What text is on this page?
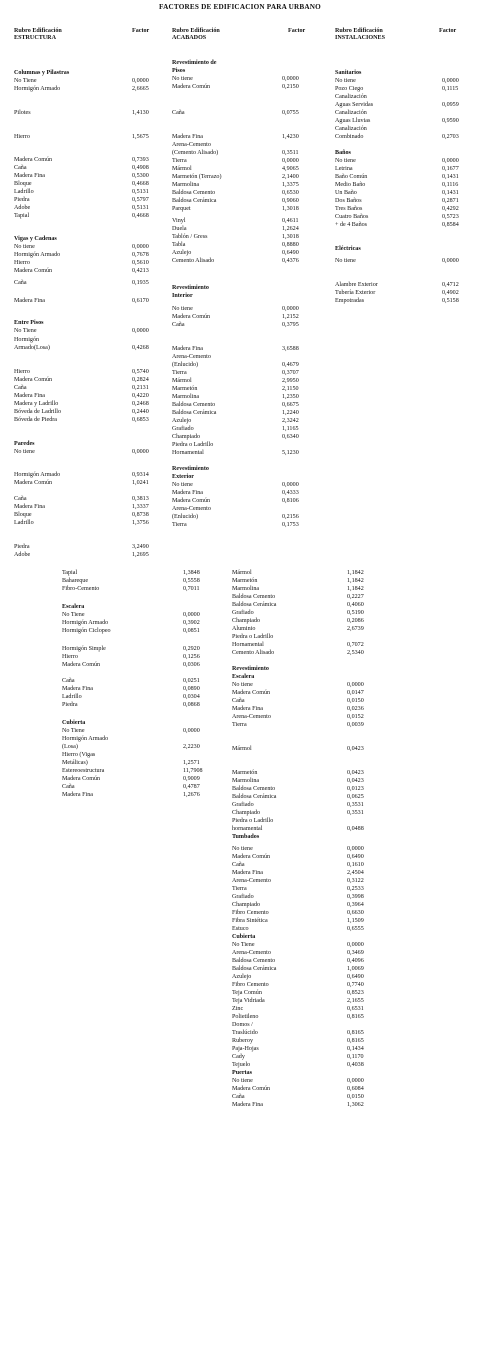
FACTORES DE EDIFICACION PARA URBANO
Rubro Edificación
ESTRUCTURA
Factor	Rubro Edificación
ACABADOS
Factor	Rubro Edificación
INSTALACIONES
Factor
Columnas y Pilastras
No Tiene	0,0000
Hormigón Armado	2,6665
Pilotes	1,4130
Hierro	1,5675
Madera Común	0,7393
Caña	0,4908
Madera Fina	0,5300
Bloque	0,4668
Ladrillo	0,5131
Piedra	0,5797
Adobe	0,5131
Tapial	0,4668
Vigas y Cadenas
No tiene	0,0000
Hormigón Armado	0,7678
Hierro	0,5610
Madera Común	0,4213
Caña	0,1935
Madera Fina	0,6170
Entre Pisos
No Tiene	0,0000
Hormigón
Armado(Losa)	0,4268
Hierro	0,5740
Madera Común	0,2824
Caña	0,2131
Madera Fina	0,4220
Madera y Ladrillo	0,2468
Bóveda de Ladrillo	0,2440
Bóveda de Piedra	0,6853
Paredes
No tiene	0,0000
Hormigón Armado	0,9314
Madera Común	1,0241
Caña	0,3813
Madera Fina	1,3337
Bloque	0,8738
Ladrillo	1,3756
Piedra	3,2490
Adobe	1,2695
Revestimiento de
Pisos
No tiene	0,0000
Madera Común	0,2150
Caña	0,0755
Madera Fina	1,4230
Arena-Cemento
(Cemento Alisado)	0,3511
Tierra	0,0000
Mármol	4,9065
Marmetón (Terrazo)	2,1400
Marmolina	1,3375
Baldosa Cemento	0,6530
Baldosa Cerámica	0,9060
Parquet	1,3018
Vinyl	0,4611
Duela	1,2624
Tablón / Gress	1,3018
Tabla	0,8880
Azulejo	0,6490
Cemento Alisado	0,4376
Revestimiento
Interior
No tiene	0,0000
Madera Común	1,2152
Caña	0,3795
Madera Fina	3,6588
Arena-Cemento
(Enlucido)	0,4679
Tierra	0,3707
Mármol	2,9950
Marmetón	2,1150
Marmolina	1,2350
Baldosa Cemento	0,6675
Baldosa Cerámica	1,2240
Azulejo	2,3242
Grafiado	1,1165
Champiado	0,6340
Piedra o Ladrillo
Hornamental	5,1230
Revestimiento
Exterior
No tiene	0,0000
Madera Fina	0,4333
Madera Común	0,8106
Arena-Cemento
(Enlucido)	0,2156
Tierra	0,1753
Sanitarios
No tiene	0,0000
Pozo Ciego	0,1115
Canalización
Aguas Servidas	0,0959
Canalización
Aguas Lluvias	0,9590
Canalización
Combinado	0,2703
Baños
No tiene	0,0000
Letrina	0,1677
Baño Común	0,1431
Medio Baño	0,1116
Un Baño	0,1431
Dos Baños	0,2871
Tres Baños	0,4292
Cuatro Baños	0,5723
+ de 4 Baños	0,8584
Eléctricas
No tiene	0,0000
Alambre Exterior	0,4712
Tubería Exterior	0,4902
Empotradas	0,5158
Tapial	1,3848
Bahareque	0,5558
Fibro-Cemento	0,7011
Escalera
No Tiene	0,0000
Hormigón Armado	0,3902
Hormigón Ciclopeo	0,0851
Hormigón Simple	0,2920
Hierro	0,1256
Madera Común	0,0306
Caña	0,0251
Madera Fina	0,0890
Ladrillo	0,0304
Piedra	0,0868
Cubierta
No Tiene	0,0000
Hormigón Armado
(Losa)	2,2230
Hierro (Vigas
Metálicas)	1,2571
Estereoestructura	11,7908
Madera Común	0,9009
Caña	0,4787
Madera Fina	1,2676
Mármol	1,1842
Marmetón	1,1842
Marmolina	1,1842
Baldosa Cemento	0,2227
Baldosa Cerámica	0,4060
Grafiado	0,5190
Champiado	0,2086
Aluminio	2,6739
Piedra o Ladrillo
Hornamental	0,7072
Cemento Alisado	2,5340
Revestimiento
Escalera
No tiene	0,0000
Madera Común	0,0147
Caña	0,0150
Madera Fina	0,0236
Arena-Cemento	0,0152
Tierra	0,0039
Mármol	0,0423
Marmetón	0,0423
Marmolina	0,0423
Baldosa Cemento	0,0123
Baldosa Cerámica	0,0625
Grafiado	0,3531
Champiado	0,3531
Piedra o Ladrillo
hornamental	0,0488
Tumbados
No tiene	0,0000
Madera Común	0,6490
Caña	0,1610
Madera Fina	2,4504
Arena-Cemento	0,3122
Tierra	0,2533
Grafiado	0,3998
Champiado	0,3964
Fibro Cemento	0,6630
Fibra Sintética	1,1509
Estuco	0,6555
Cubierta
No Tiene	0,0000
Arena-Cemento	0,3469
Baldosa Cemento	0,4096
Baldosa Cerámica	1,0069
Azulejo	0,6490
Fibro Cemento	0,7740
Teja Común	0,8523
Teja Vidriada	2,1655
Zinc	0,6531
Polietileno	0,8165
Domos /
Traslúcido	0,8165
Ruberoy	0,8165
Paja-Hojas	0,1434
Cady	0,1170
Tejuelo	0,4038
Puertas
No tiene	0,0000
Madera Común	0,6084
Caña	0,0150
Madera Fina	1,3062
